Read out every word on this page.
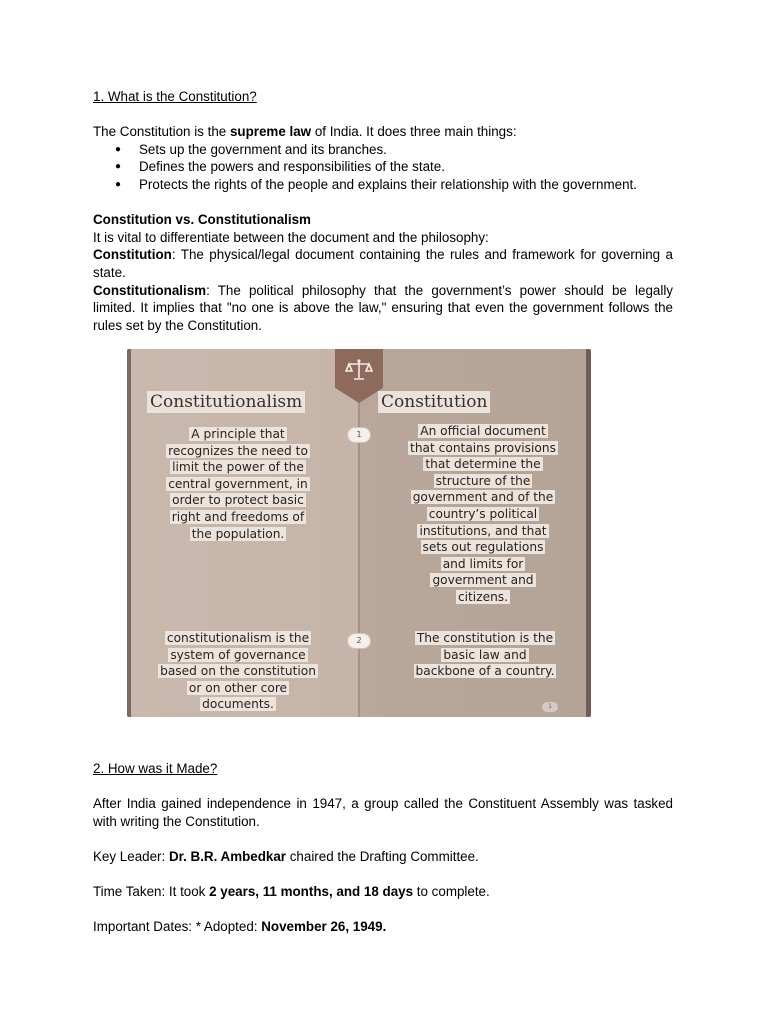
1. What is the Constitution?

The Constitution is the supreme law of India. It does three main things:

● Sets up the government and its branches.
● Defines the powers and responsibilities of the state.
● Protects the rights of the people and explains their relationship with the government.

Constitution vs. Constitutionalism

It is vital to differentiate between the document and the philosophy:

Constitution: The physical/legal document containing the rules and framework for governing a state.

Constitutionalism: The political philosophy that the government’s power should be legally limited. It implies that "no one is above the law," ensuring that even the government follows the rules set by the Constitution.

Constitutionalism	Constitution
1
2
A principle that
recognizes the need to
limit the power of the
central government, in
order to protect basic
right and freedoms of
the population.
An official document
that contains provisions
that determine the
structure of the
government and of the
country’s political
institutions, and that
sets out regulations
and limits for
government and
citizens.
constitutionalism is the
system of governance
based on the constitution
or on other core
documents.
The constitution is the
basic law and
backbone of a country.
1

2. How was it Made?

After India gained independence in 1947, a group called the Constituent Assembly was tasked with writing the Constitution.

Key Leader: Dr. B.R. Ambedkar chaired the Drafting Committee.

Time Taken: It took 2 years, 11 months, and 18 days to complete.

Important Dates: * Adopted: November 26, 1949.
